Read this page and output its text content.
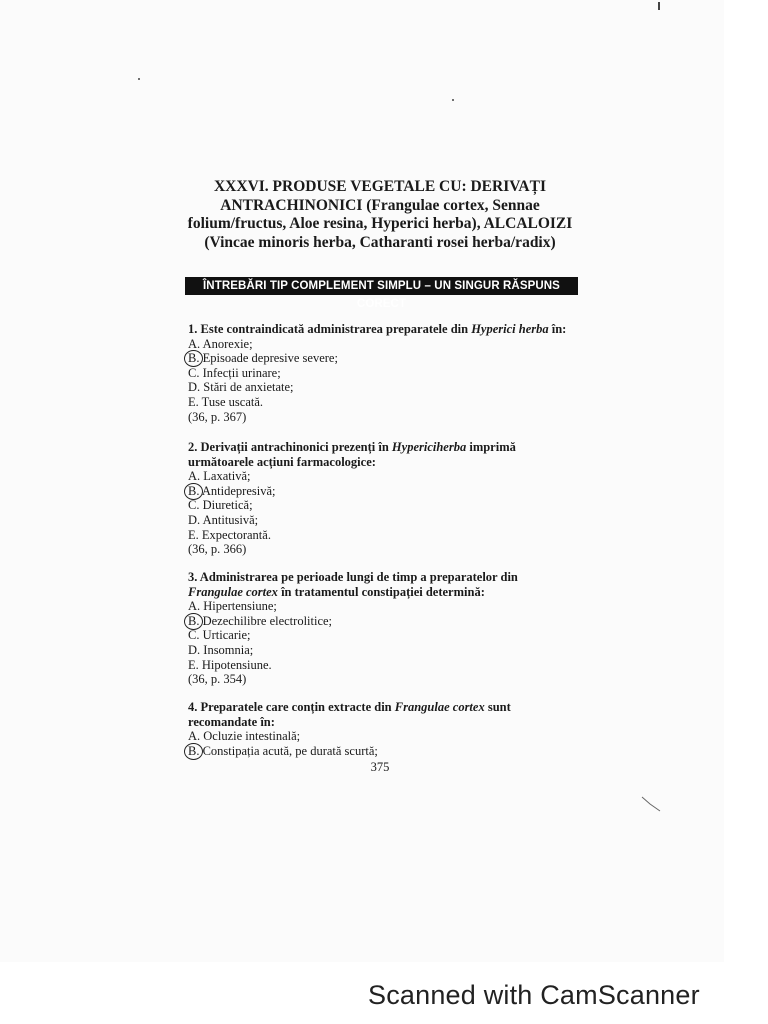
XXXVI. PRODUSE VEGETALE CU: DERIVAȚI
ANTRACHINONICI (Frangulae cortex, Sennae
folium/fructus, Aloe resina, Hyperici herba), ALCALOIZI
(Vincae minoris herba, Catharanti rosei herba/radix)
ÎNTREBĂRI TIP COMPLEMENT SIMPLU – UN SINGUR RĂSPUNS CORECT
1. Este contraindicată administrarea preparatele din Hyperici herba în:
A. Anorexie;
B. Episoade depresive severe;
C. Infecții urinare;
D. Stări de anxietate;
E. Tuse uscată.
(36, p. 367)
2. Derivații antrachinonici prezenți în Hypericiherba imprimă
următoarele acțiuni farmacologice:
A. Laxativă;
B. Antidepresivă;
C. Diuretică;
D. Antitusivă;
E. Expectorantă.
(36, p. 366)
3. Administrarea pe perioade lungi de timp a preparatelor din
Frangulae cortex în tratamentul constipației determină:
A. Hipertensiune;
B. Dezechilibre electrolitice;
C. Urticarie;
D. Insomnia;
E. Hipotensiune.
(36, p. 354)
4. Preparatele care conțin extracte din Frangulae cortex sunt
recomandate în:
A. Ocluzie intestinală;
B. Constipația acută, pe durată scurtă;
375
Scanned with CamScanner
